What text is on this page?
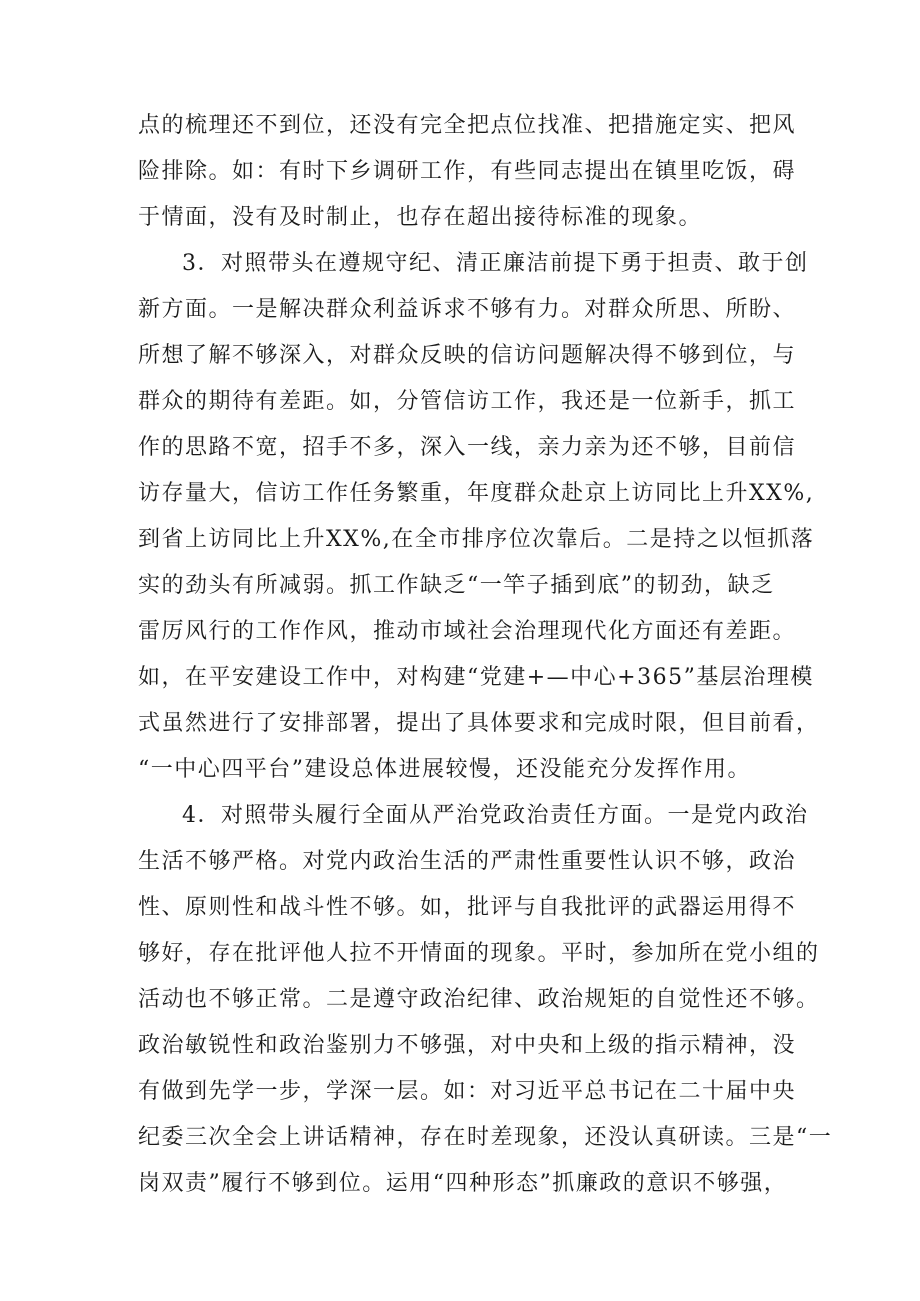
点的梳理还不到位，还没有完全把点位找准、把措施定实、把风
险排除。如：有时下乡调研工作，有些同志提出在镇里吃饭，碍
于情面，没有及时制止，也存在超出接待标准的现象。
3．对照带头在遵规守纪、清正廉洁前提下勇于担责、敢于创
新方面。一是解决群众利益诉求不够有力。对群众所思、所盼、
所想了解不够深入，对群众反映的信访问题解决得不够到位，与
群众的期待有差距。如，分管信访工作，我还是一位新手，抓工
作的思路不宽，招手不多，深入一线，亲力亲为还不够，目前信
访存量大，信访工作任务繁重，年度群众赴京上访同比上升XX%,
到省上访同比上升XX%,在全市排序位次靠后。二是持之以恒抓落
实的劲头有所减弱。抓工作缺乏“一竿子插到底”的韧劲，缺乏
雷厉风行的工作作风，推动市域社会治理现代化方面还有差距。
如，在平安建设工作中，对构建“党建+—中心+365”基层治理模
式虽然进行了安排部署，提出了具体要求和完成时限，但目前看，
“一中心四平台”建设总体进展较慢，还没能充分发挥作用。
4．对照带头履行全面从严治党政治责任方面。一是党内政治
生活不够严格。对党内政治生活的严肃性重要性认识不够，政治
性、原则性和战斗性不够。如，批评与自我批评的武器运用得不
够好，存在批评他人拉不开情面的现象。平时，参加所在党小组的
活动也不够正常。二是遵守政治纪律、政治规矩的自觉性还不够。
政治敏锐性和政治鉴别力不够强，对中央和上级的指示精神，没
有做到先学一步，学深一层。如：对习近平总书记在二十届中央
纪委三次全会上讲话精神，存在时差现象，还没认真研读。三是“一
岗双责”履行不够到位。运用“四种形态”抓廉政的意识不够强，
